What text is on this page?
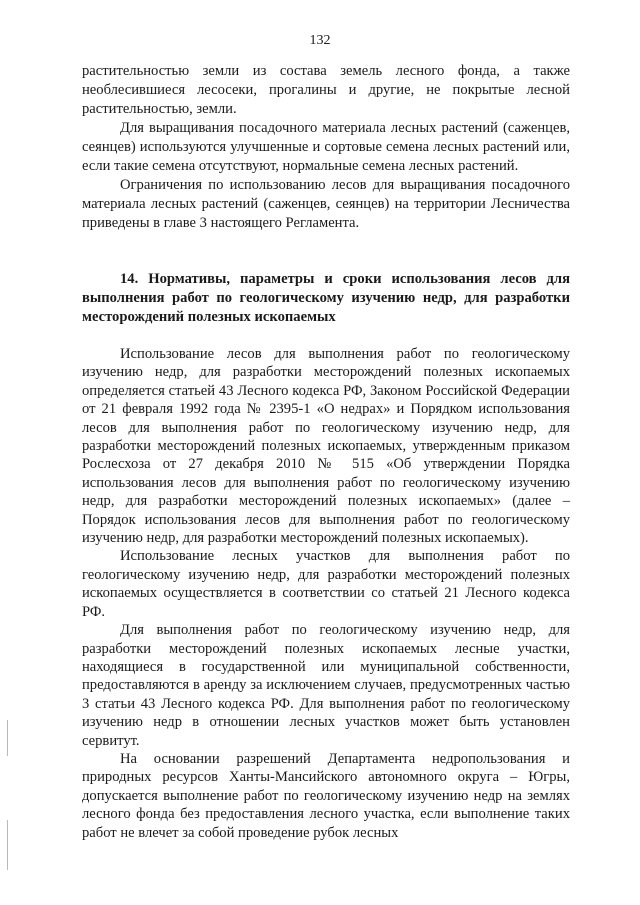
132

растительностью земли из состава земель лесного фонда, а также необлесившиеся лесосеки, прогалины и другие, не покрытые лесной растительностью, земли.

Для выращивания посадочного материала лесных растений (саженцев, сеянцев) используются улучшенные и сортовые семена лесных растений или, если такие семена отсутствуют, нормальные семена лесных растений.

Ограничения по использованию лесов для выращивания посадочного материала лесных растений (саженцев, сеянцев) на территории Лесничества приведены в главе 3 настоящего Регламента.

14. Нормативы, параметры и сроки использования лесов для выполнения работ по геологическому изучению недр, для разработки месторождений полезных ископаемых

Использование лесов для выполнения работ по геологическому изучению недр, для разработки месторождений полезных ископаемых определяется статьей 43 Лесного кодекса РФ, Законом Российской Федерации от 21 февраля 1992 года № 2395-1 «О недрах» и Порядком использования лесов для выполнения работ по геологическому изучению недр, для разработки месторождений полезных ископаемых, утвержденным приказом Рослесхоза от 27 декабря 2010 № 515 «Об утверждении Порядка использования лесов для выполнения работ по геологическому изучению недр, для разработки месторождений полезных ископаемых» (далее – Порядок использования лесов для выполнения работ по геологическому изучению недр, для разработки месторождений полезных ископаемых).

Использование лесных участков для выполнения работ по геологическому изучению недр, для разработки месторождений полезных ископаемых осуществляется в соответствии со статьей 21 Лесного кодекса РФ.

Для выполнения работ по геологическому изучению недр, для разработки месторождений полезных ископаемых лесные участки, находящиеся в государственной или муниципальной собственности, предоставляются в аренду за исключением случаев, предусмотренных частью 3 статьи 43 Лесного кодекса РФ. Для выполнения работ по геологическому изучению недр в отношении лесных участков может быть установлен сервитут.

На основании разрешений Департамента недропользования и природных ресурсов Ханты-Мансийского автономного округа – Югры, допускается выполнение работ по геологическому изучению недр на землях лесного фонда без предоставления лесного участка, если выполнение таких работ не влечет за собой проведение рубок лесных
